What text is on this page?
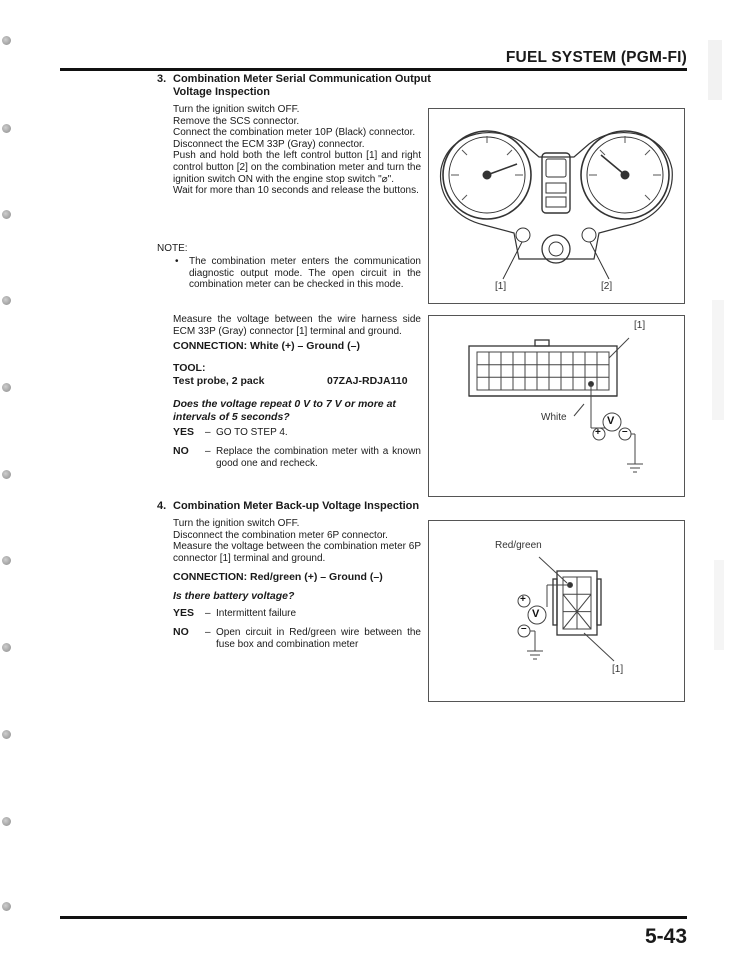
FUEL SYSTEM (PGM-FI)
3. Combination Meter Serial Communication Output Voltage Inspection
Turn the ignition switch OFF.
Remove the SCS connector.
Connect the combination meter 10P (Black) connector.
Disconnect the ECM 33P (Gray) connector.
Push and hold both the left control button [1] and right control button [2] on the combination meter and turn the ignition switch ON with the engine stop switch "⌀".
Wait for more than 10 seconds and release the buttons.
NOTE:
• The combination meter enters the communication diagnostic output mode. The open circuit in the combination meter can be checked in this mode.
Measure the voltage between the wire harness side ECM 33P (Gray) connector [1] terminal and ground.
CONNECTION: White (+) – Ground (–)
TOOL:
Test probe, 2 pack	07ZAJ-RDJA110
Does the voltage repeat 0 V to 7 V or more at intervals of 5 seconds?
YES – GO TO STEP 4.
NO – Replace the combination meter with a known good one and recheck.
4. Combination Meter Back-up Voltage Inspection
Turn the ignition switch OFF.
Disconnect the combination meter 6P connector.
Measure the voltage between the combination meter 6P connector [1] terminal and ground.
CONNECTION: Red/green (+) – Ground (–)
Is there battery voltage?
YES – Intermittent failure
NO – Open circuit in Red/green wire between the fuse box and combination meter
[1]	[2]
[1]
White	V
+ –
Red/green
V
+
–
[1]
5-43
